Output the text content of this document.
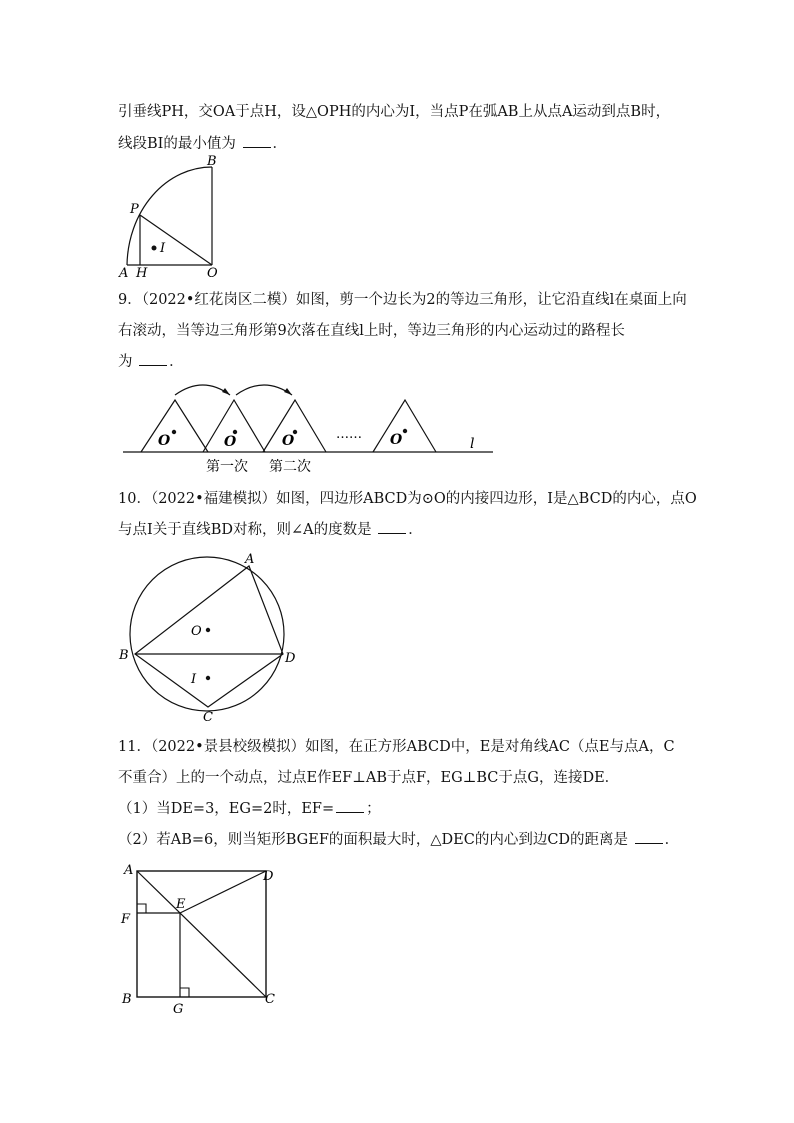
引垂线PH，交OA于点H，设△OPH的内心为I，当点P在弧AB上从点A运动到点B时，
线段BI的最小值为	．
B
P
I
A H	O
9．（2022•红花岗区二模）如图，剪一个边长为2的等边三角形，让它沿直线l在桌面上向
右滚动，当等边三角形第9次落在直线l上时，等边三角形的内心运动过的路程长
为	．
O	O	O	O
……
l
第一次 第二次
10．（2022•福建模拟）如图，四边形ABCD为⊙O的内接四边形，I是△BCD的内心，点O
与点I关于直线BD对称，则∠A的度数是	．
A
B	D
C
O
I
11．（2022•景县校级模拟）如图，在正方形ABCD中，E是对角线AC（点E与点A，C
不重合）上的一个动点，过点E作EF⊥AB于点F，EG⊥BC于点G，连接DE．
（1）当DE=3，EG=2时，EF= ；
（2）若AB=6，则当矩形BGEF的面积最大时，△DEC的内心到边CD的距离是	．
A	D
E
F
B
G
C
